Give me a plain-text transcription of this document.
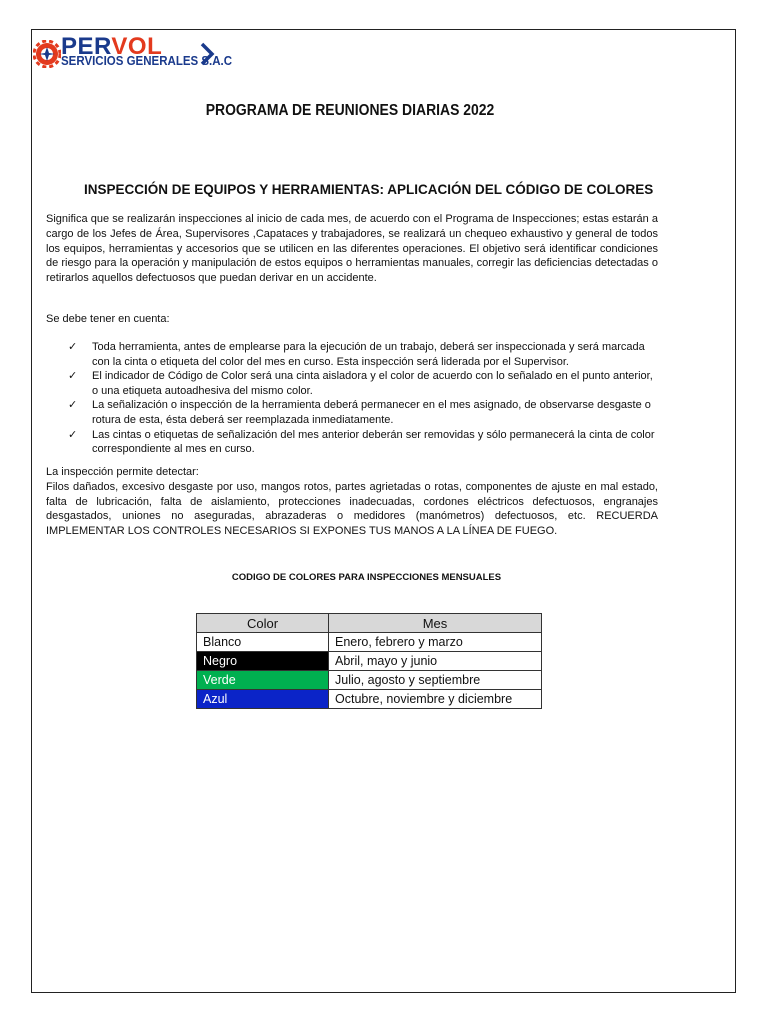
PERVOL
SERVICIOS GENERALES S.A.C
PROGRAMA DE REUNIONES DIARIAS 2022
INSPECCIÓN DE EQUIPOS Y HERRAMIENTAS: APLICACIÓN DEL CÓDIGO DE COLORES
Significa que se realizarán inspecciones al inicio de cada mes, de acuerdo con el Programa de Inspecciones; estas estarán a cargo de los Jefes de Área, Supervisores ,Capataces y trabajadores, se realizará un chequeo exhaustivo y general de todos los equipos, herramientas y accesorios que se utilicen en las diferentes operaciones. El objetivo será identificar condiciones de riesgo para la operación y manipulación de estos equipos o herramientas manuales, corregir las deficiencias detectadas o retirarlos aquellos defectuosos que puedan derivar en un accidente.
Se debe tener en cuenta:
✓ Toda herramienta, antes de emplearse para la ejecución de un trabajo, deberá ser inspeccionada y será marcada con la cinta o etiqueta del color del mes en curso. Esta inspección será liderada por el Supervisor.
✓ El indicador de Código de Color será una cinta aisladora y el color de acuerdo con lo señalado en el punto anterior, o una etiqueta autoadhesiva del mismo color.
✓ La señalización o inspección de la herramienta deberá permanecer en el mes asignado, de observarse desgaste o rotura de esta, ésta deberá ser reemplazada inmediatamente.
✓ Las cintas o etiquetas de señalización del mes anterior deberán ser removidas y sólo permanecerá la cinta de color correspondiente al mes en curso.
La inspección permite detectar:
Filos dañados, excesivo desgaste por uso, mangos rotos, partes agrietadas o rotas, componentes de ajuste en mal estado, falta de lubricación, falta de aislamiento, protecciones inadecuadas, cordones eléctricos defectuosos, engranajes desgastados, uniones no aseguradas, abrazaderas o medidores (manómetros) defectuosos, etc. RECUERDA IMPLEMENTAR LOS CONTROLES NECESARIOS SI EXPONES TUS MANOS A LA LÍNEA DE FUEGO.
CODIGO DE COLORES PARA INSPECCIONES MENSUALES
Color	Mes
Blanco	Enero, febrero y marzo
Negro	Abril, mayo y junio
Verde	Julio, agosto y septiembre
Azul	Octubre, noviembre y diciembre
